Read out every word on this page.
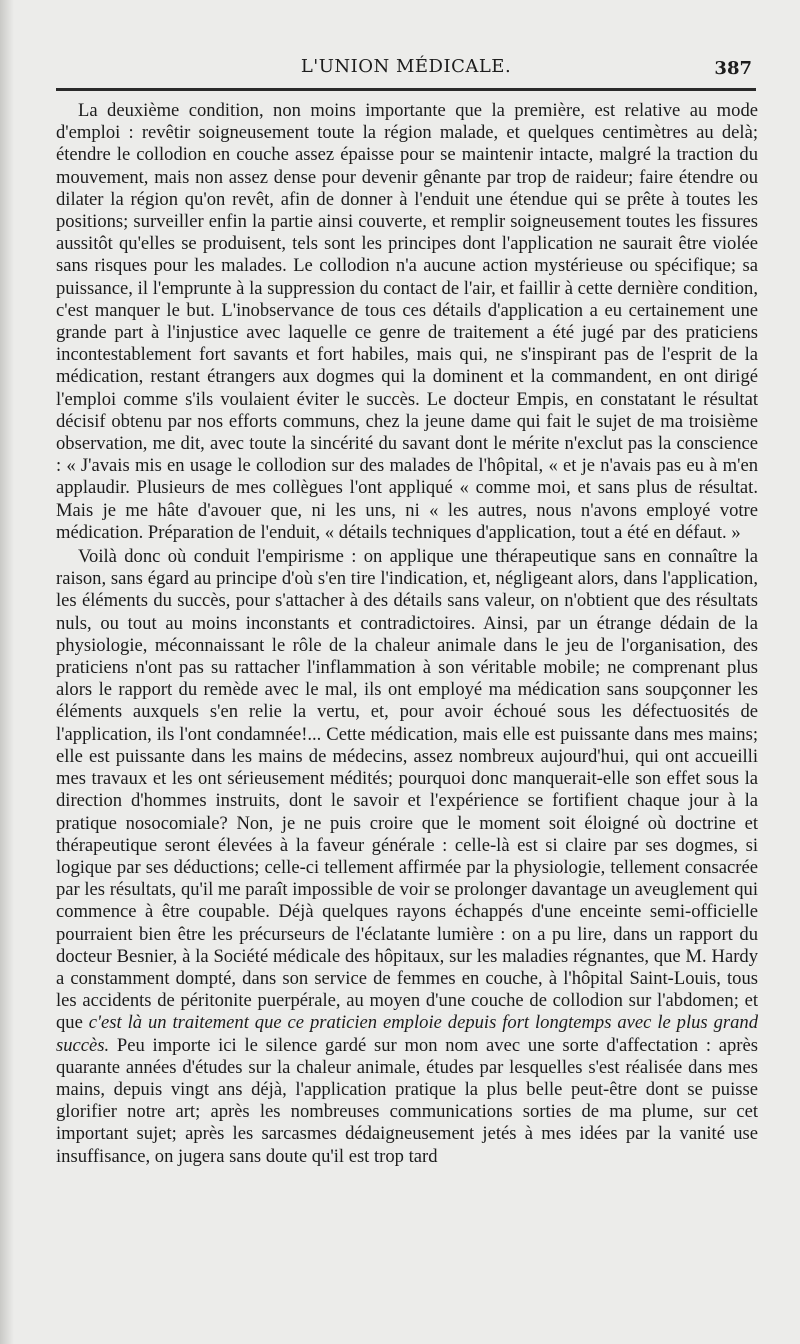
L'UNION MÉDICALE.	387

La deuxième condition, non moins importante que la première, est relative au mode d'emploi : revêtir soigneusement toute la région malade, et quelques centimètres au delà; étendre le collodion en couche assez épaisse pour se maintenir intacte, malgré la traction du mouvement, mais non assez dense pour devenir gênante par trop de raideur; faire étendre ou dilater la région qu'on revêt, afin de donner à l'enduit une étendue qui se prête à toutes les positions; surveiller enfin la partie ainsi couverte, et remplir soigneusement toutes les fissures aussitôt qu'elles se produisent, tels sont les principes dont l'application ne saurait être violée sans risques pour les malades. Le collodion n'a aucune action mystérieuse ou spécifique; sa puissance, il l'emprunte à la suppression du contact de l'air, et faillir à cette dernière condition, c'est manquer le but. L'inobservance de tous ces détails d'application a eu certainement une grande part à l'injustice avec laquelle ce genre de traitement a été jugé par des praticiens incontestablement fort savants et fort habiles, mais qui, ne s'inspirant pas de l'esprit de la médication, restant étrangers aux dogmes qui la dominent et la commandent, en ont dirigé l'emploi comme s'ils voulaient éviter le succès. Le docteur Empis, en constatant le résultat décisif obtenu par nos efforts communs, chez la jeune dame qui fait le sujet de ma troisième observation, me dit, avec toute la sincérité du savant dont le mérite n'exclut pas la conscience : « J'avais mis en usage le collodion sur des malades de l'hôpital, « et je n'avais pas eu à m'en applaudir. Plusieurs de mes collègues l'ont appliqué « comme moi, et sans plus de résultat. Mais je me hâte d'avouer que, ni les uns, ni « les autres, nous n'avons employé votre médication. Préparation de l'enduit, « détails techniques d'application, tout a été en défaut. »

Voilà donc où conduit l'empirisme : on applique une thérapeutique sans en connaître la raison, sans égard au principe d'où s'en tire l'indication, et, négligeant alors, dans l'application, les éléments du succès, pour s'attacher à des détails sans valeur, on n'obtient que des résultats nuls, ou tout au moins inconstants et contradictoires. Ainsi, par un étrange dédain de la physiologie, méconnaissant le rôle de la chaleur animale dans le jeu de l'organisation, des praticiens n'ont pas su rattacher l'inflammation à son véritable mobile; ne comprenant plus alors le rapport du remède avec le mal, ils ont employé ma médication sans soupçonner les éléments auxquels s'en relie la vertu, et, pour avoir échoué sous les défectuosités de l'application, ils l'ont condamnée!... Cette médication, mais elle est puissante dans mes mains; elle est puissante dans les mains de médecins, assez nombreux aujourd'hui, qui ont accueilli mes travaux et les ont sérieusement médités; pourquoi donc manquerait-elle son effet sous la direction d'hommes instruits, dont le savoir et l'expérience se fortifient chaque jour à la pratique nosocomiale? Non, je ne puis croire que le moment soit éloigné où doctrine et thérapeutique seront élevées à la faveur générale : celle-là est si claire par ses dogmes, si logique par ses déductions; celle-ci tellement affirmée par la physiologie, tellement consacrée par les résultats, qu'il me paraît impossible de voir se prolonger davantage un aveuglement qui commence à être coupable. Déjà quelques rayons échappés d'une enceinte semi-officielle pourraient bien être les précurseurs de l'éclatante lumière : on a pu lire, dans un rapport du docteur Besnier, à la Société médicale des hôpitaux, sur les maladies régnantes, que M. Hardy a constamment dompté, dans son service de femmes en couche, à l'hôpital Saint-Louis, tous les accidents de péritonite puerpérale, au moyen d'une couche de collodion sur l'abdomen; et que c'est là un traitement que ce praticien emploie depuis fort longtemps avec le plus grand succès. Peu importe ici le silence gardé sur mon nom avec une sorte d'affectation : après quarante années d'études sur la chaleur animale, études par lesquelles s'est réalisée dans mes mains, depuis vingt ans déjà, l'application pratique la plus belle peut-être dont se puisse glorifier notre art; après les nombreuses communications sorties de ma plume, sur cet important sujet; après les sarcasmes dédaigneusement jetés à mes idées par la vanité use insuffisance, on jugera sans doute qu'il est trop tard
